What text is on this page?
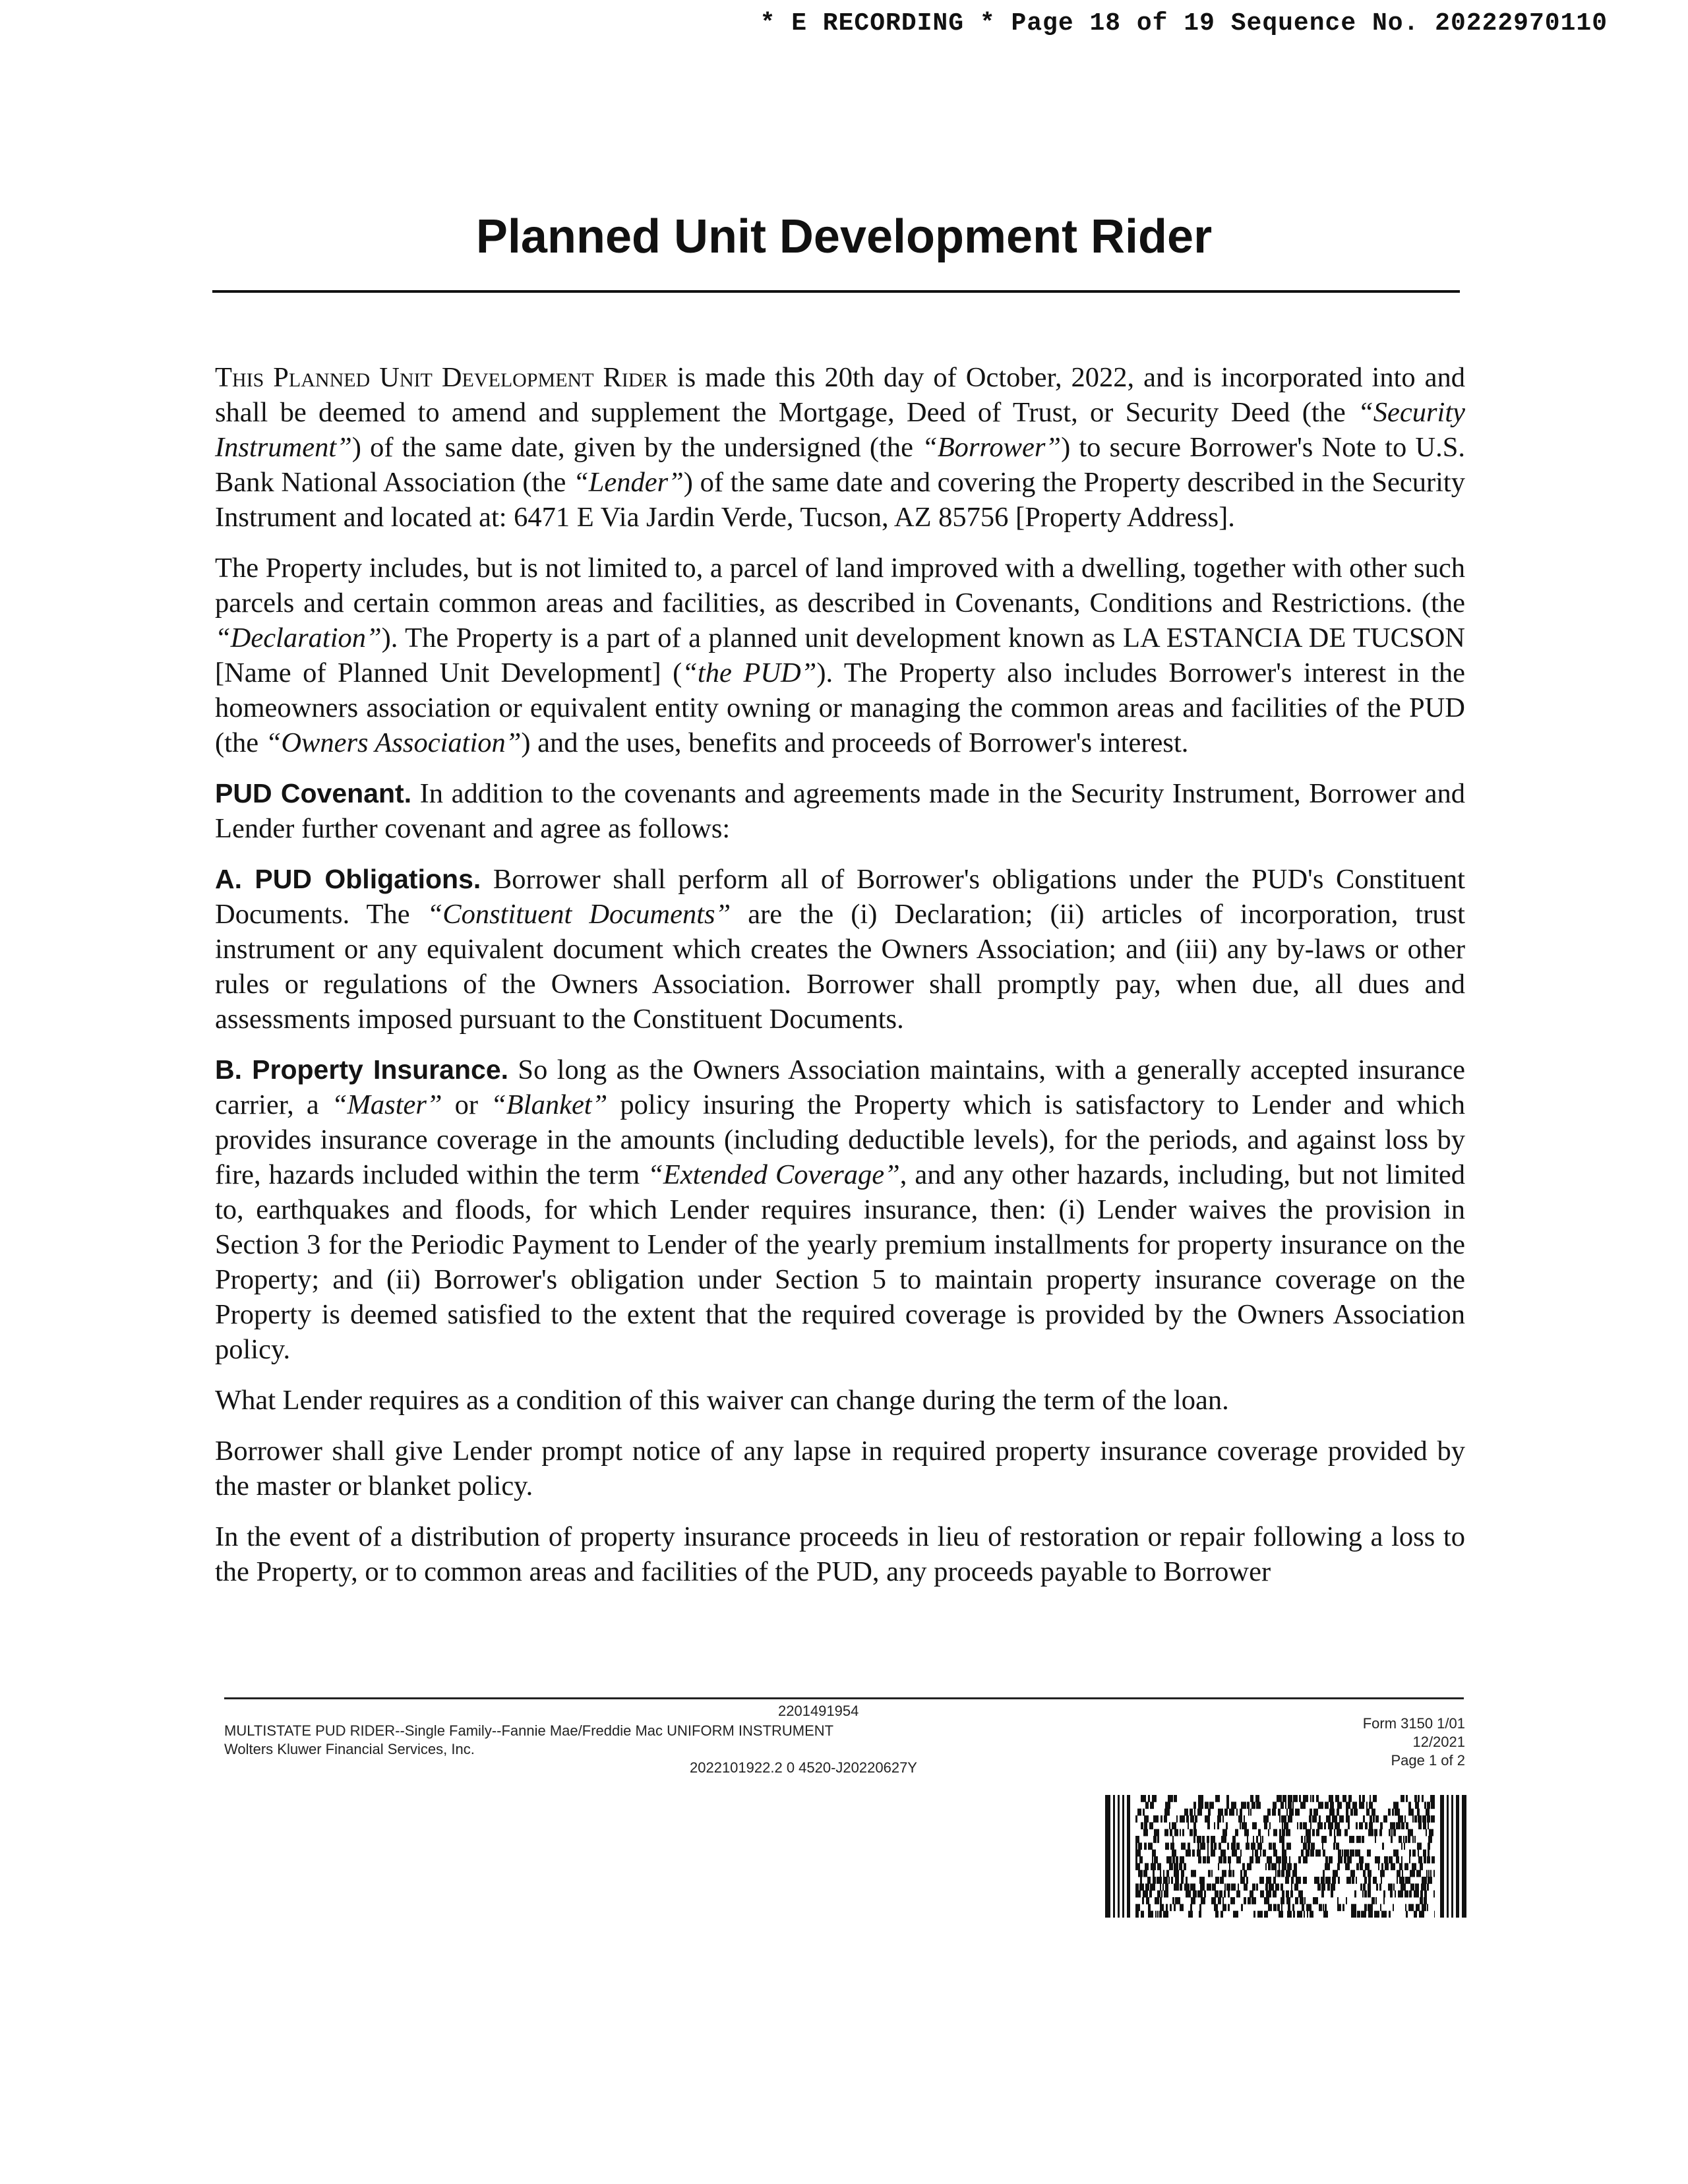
* E RECORDING * Page 18 of 19 Sequence No. 20222970110
Planned Unit Development Rider

This Planned Unit Development Rider is made this 20th day of October, 2022, and is incorporated into and shall be deemed to amend and supplement the Mortgage, Deed of Trust, or Security Deed (the “Security Instrument”) of the same date, given by the undersigned (the “Borrower”) to secure Borrower's Note to U.S. Bank National Association (the “Lender”) of the same date and covering the Property described in the Security Instrument and located at: 6471 E Via Jardin Verde, Tucson, AZ 85756 [Property Address].

The Property includes, but is not limited to, a parcel of land improved with a dwelling, together with other such parcels and certain common areas and facilities, as described in Covenants, Conditions and Restrictions. (the “Declaration”). The Property is a part of a planned unit development known as LA ESTANCIA DE TUCSON [Name of Planned Unit Development] (“the PUD”). The Property also includes Borrower's interest in the homeowners association or equivalent entity owning or managing the common areas and facilities of the PUD (the “Owners Association”) and the uses, benefits and proceeds of Borrower's interest.

PUD Covenant. In addition to the covenants and agreements made in the Security Instrument, Borrower and Lender further covenant and agree as follows:

A. PUD Obligations. Borrower shall perform all of Borrower's obligations under the PUD's Constituent Documents. The “Constituent Documents” are the (i) Declaration; (ii) articles of incorporation, trust instrument or any equivalent document which creates the Owners Association; and (iii) any by-laws or other rules or regulations of the Owners Association. Borrower shall promptly pay, when due, all dues and assessments imposed pursuant to the Constituent Documents.

B. Property Insurance. So long as the Owners Association maintains, with a generally accepted insurance carrier, a “Master” or “Blanket” policy insuring the Property which is satisfactory to Lender and which provides insurance coverage in the amounts (including deductible levels), for the periods, and against loss by fire, hazards included within the term “Extended Coverage”, and any other hazards, including, but not limited to, earthquakes and floods, for which Lender requires insurance, then: (i) Lender waives the provision in Section 3 for the Periodic Payment to Lender of the yearly premium installments for property insurance on the Property; and (ii) Borrower's obligation under Section 5 to maintain property insurance coverage on the Property is deemed satisfied to the extent that the required coverage is provided by the Owners Association policy.

What Lender requires as a condition of this waiver can change during the term of the loan.

Borrower shall give Lender prompt notice of any lapse in required property insurance coverage provided by the master or blanket policy.

In the event of a distribution of property insurance proceeds in lieu of restoration or repair following a loss to the Property, or to common areas and facilities of the PUD, any proceeds payable to Borrower

2201491954
MULTISTATE PUD RIDER--Single Family--Fannie Mae/Freddie Mac UNIFORM INSTRUMENT
Wolters Kluwer Financial Services, Inc.
2022101922.2 0 4520-J20220627Y
Form 3150 1/01
12/2021
Page 1 of 2
